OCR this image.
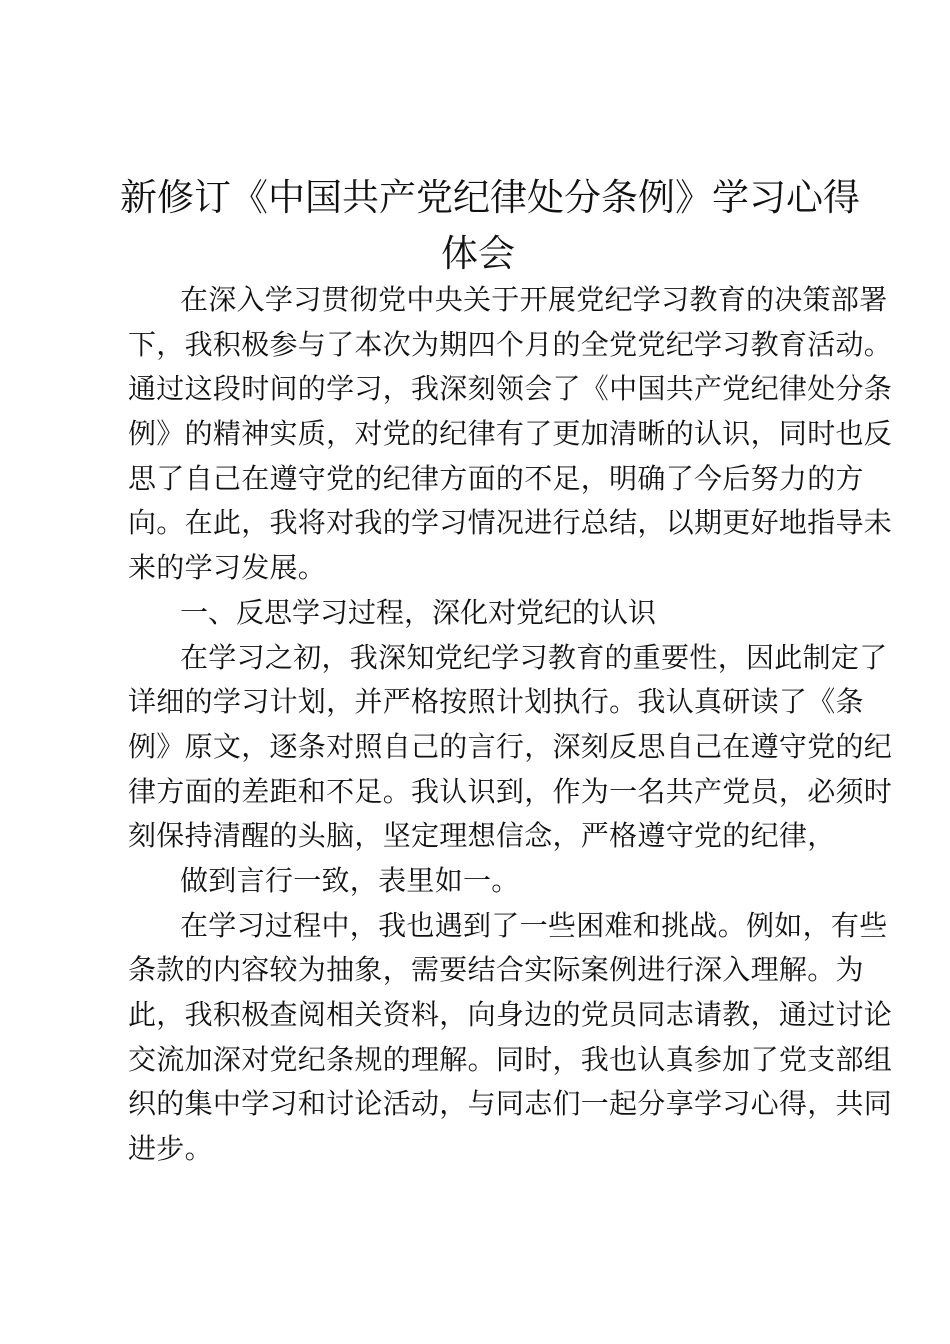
新修订《中国共产党纪律处分条例》学习心得
体会
在深入学习贯彻党中央关于开展党纪学习教育的决策部署
下，我积极参与了本次为期四个月的全党党纪学习教育活动。
通过这段时间的学习，我深刻领会了《中国共产党纪律处分条
例》的精神实质，对党的纪律有了更加清晰的认识，同时也反
思了自己在遵守党的纪律方面的不足，明确了今后努力的方
向。在此，我将对我的学习情况进行总结，以期更好地指导未
来的学习发展。
一、反思学习过程，深化对党纪的认识
在学习之初，我深知党纪学习教育的重要性，因此制定了
详细的学习计划，并严格按照计划执行。我认真研读了《条
例》原文，逐条对照自己的言行，深刻反思自己在遵守党的纪
律方面的差距和不足。我认识到，作为一名共产党员，必须时
刻保持清醒的头脑，坚定理想信念，严格遵守党的纪律，
做到言行一致，表里如一。
在学习过程中，我也遇到了一些困难和挑战。例如，有些
条款的内容较为抽象，需要结合实际案例进行深入理解。为
此，我积极查阅相关资料，向身边的党员同志请教，通过讨论
交流加深对党纪条规的理解。同时，我也认真参加了党支部组
织的集中学习和讨论活动，与同志们一起分享学习心得，共同
进步。
